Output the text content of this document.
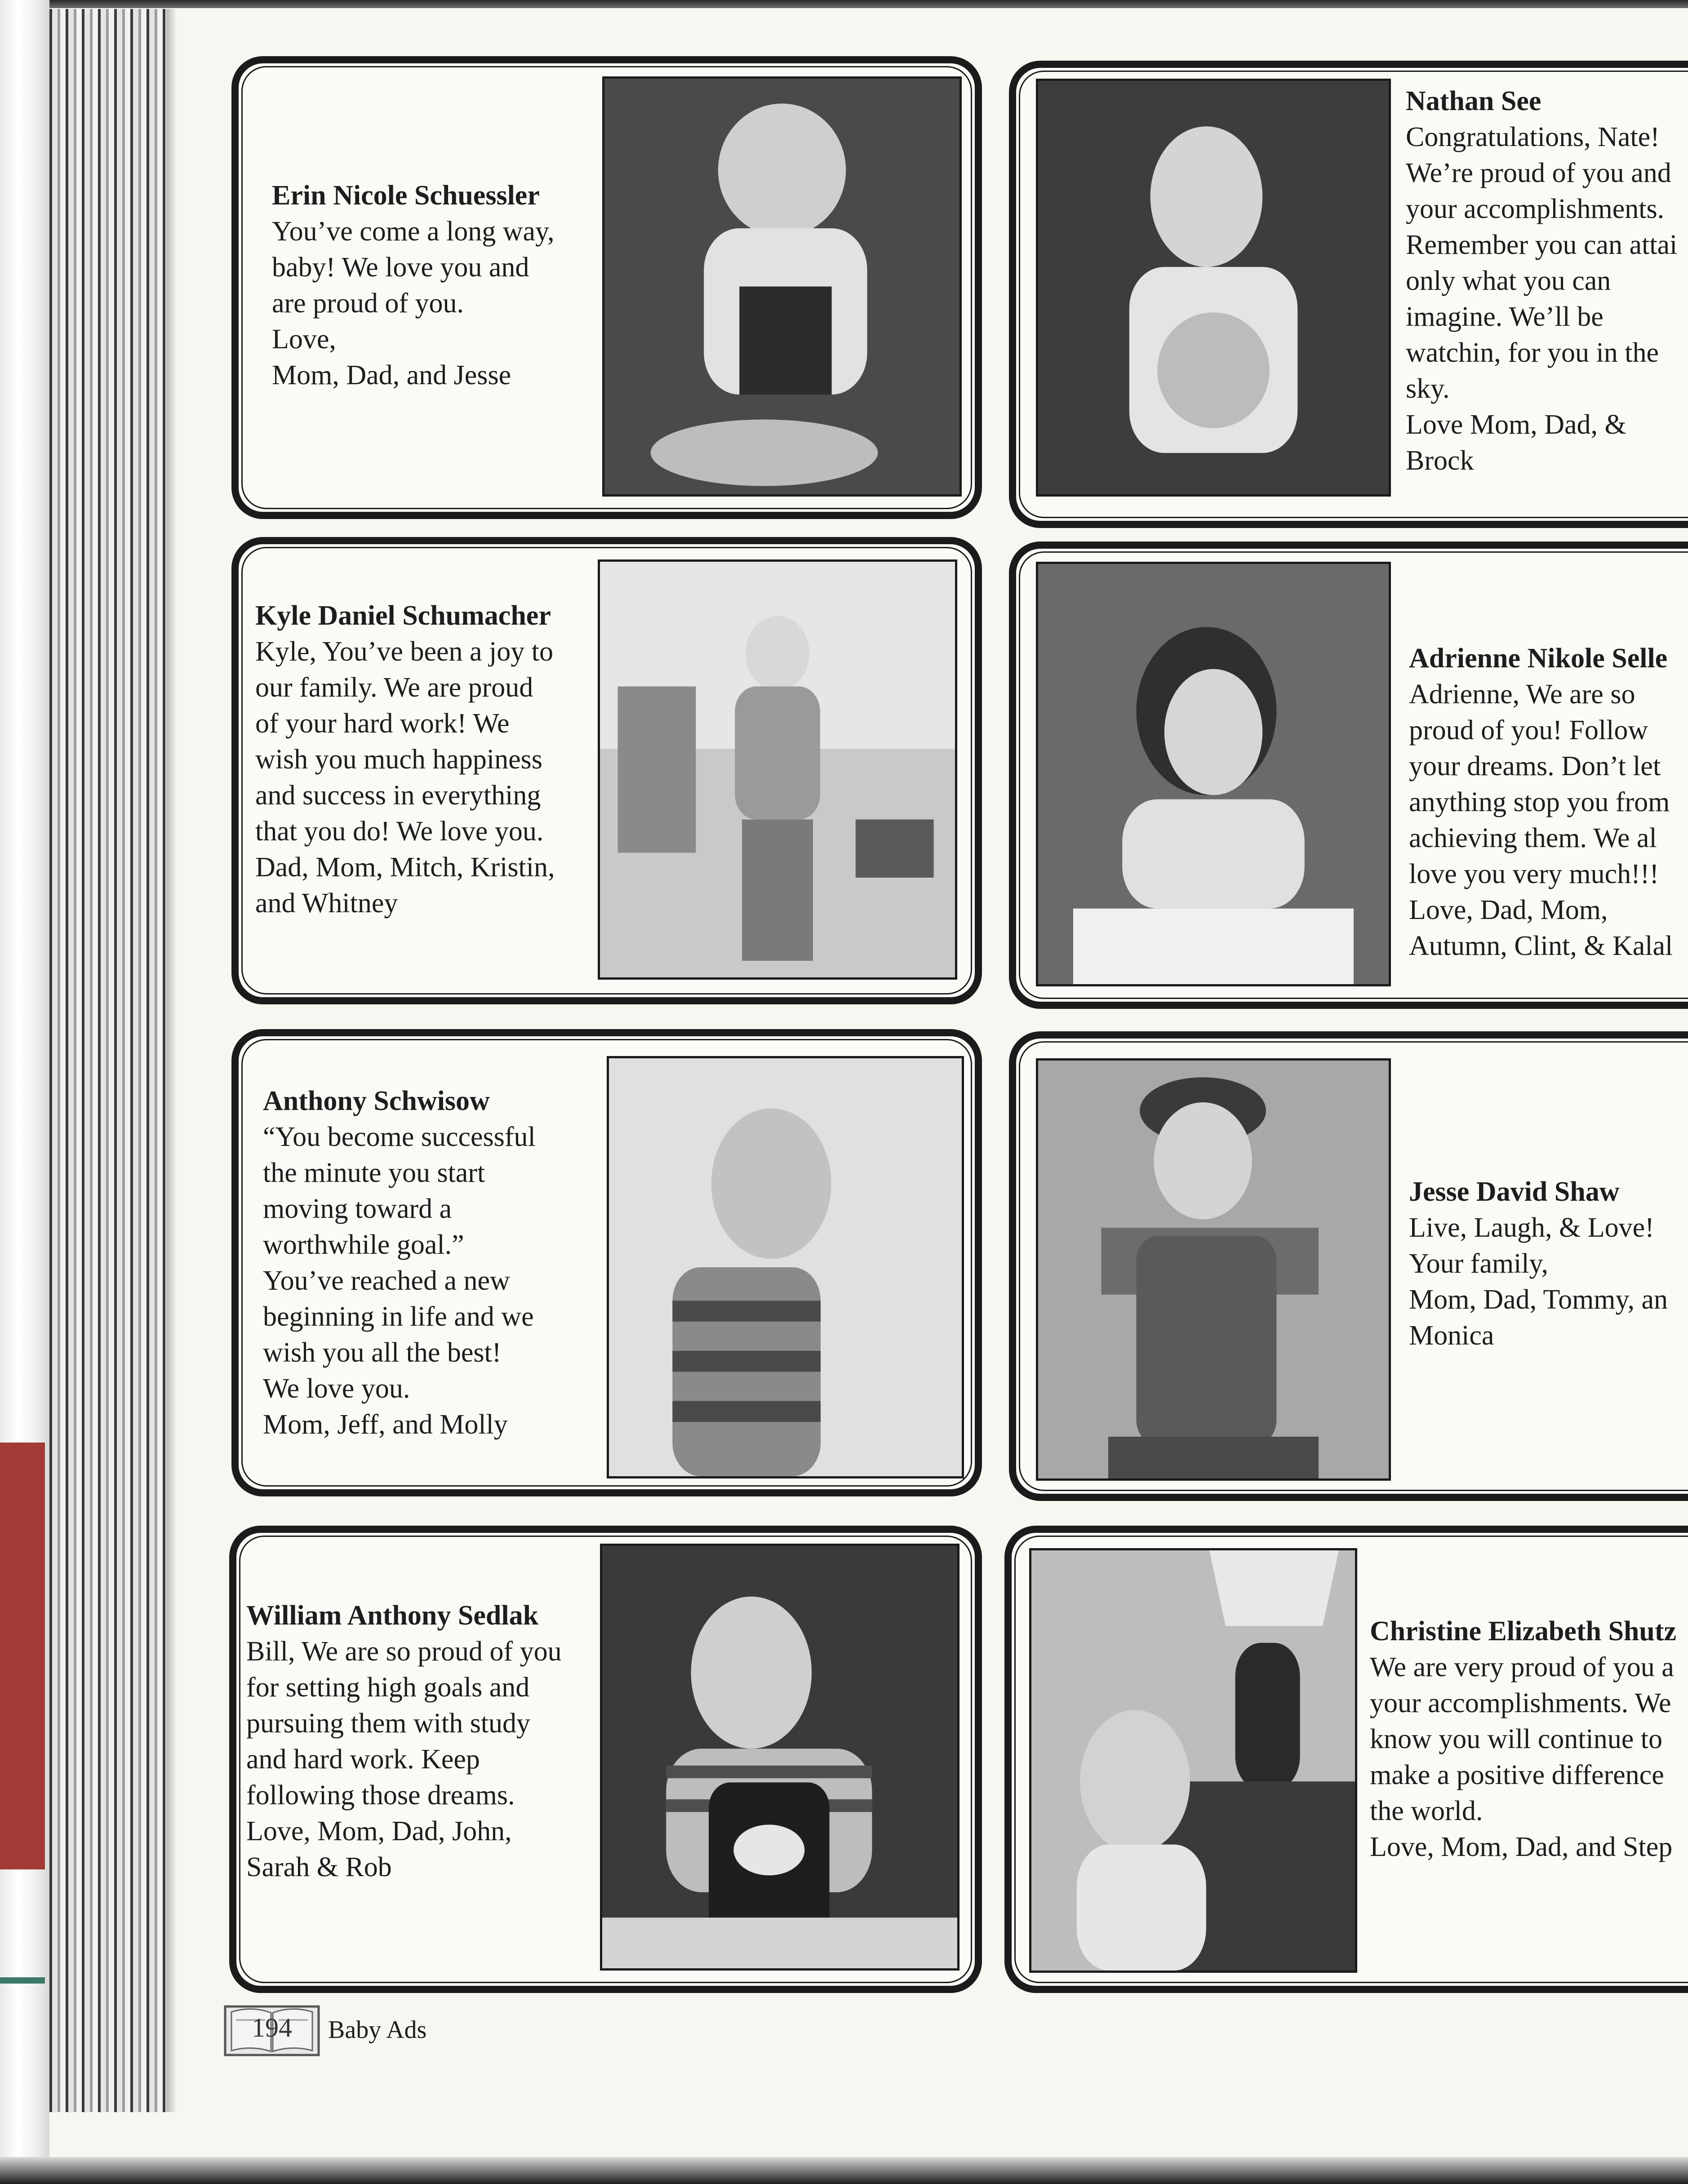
Erin Nicole Schuessler
You’ve come a long way,
baby! We love you and
are proud of you.
Love,
Mom, Dad, and Jesse
Nathan See
Congratulations, Nate!
We’re proud of you and
your accomplishments.
Remember you can attai
only what you can
imagine. We’ll be
watchin, for you in the
sky.
Love Mom, Dad, &
Brock
Kyle Daniel Schumacher
Kyle, You’ve been a joy to
our family. We are proud
of your hard work! We
wish you much happiness
and success in everything
that you do! We love you.
Dad, Mom, Mitch, Kristin,
and Whitney
Adrienne Nikole Selle
Adrienne, We are so
proud of you! Follow
your dreams. Don’t let
anything stop you from
achieving them. We al
love you very much!!!
Love, Dad, Mom,
Autumn, Clint, & Kalal
Anthony Schwisow
“You become successful
the minute you start
moving toward a
worthwhile goal.”
You’ve reached a new
beginning in life and we
wish you all the best!
We love you.
Mom, Jeff, and Molly
Jesse David Shaw
Live, Laugh, & Love!
Your family,
Mom, Dad, Tommy, an
Monica
William Anthony Sedlak
Bill, We are so proud of you
for setting high goals and
pursuing them with study
and hard work. Keep
following those dreams.
Love, Mom, Dad, John,
Sarah & Rob
Christine Elizabeth Shutz
We are very proud of you a
your accomplishments. We
know you will continue to
make a positive difference
the world.
Love, Mom, Dad, and Step
194 Baby Ads
